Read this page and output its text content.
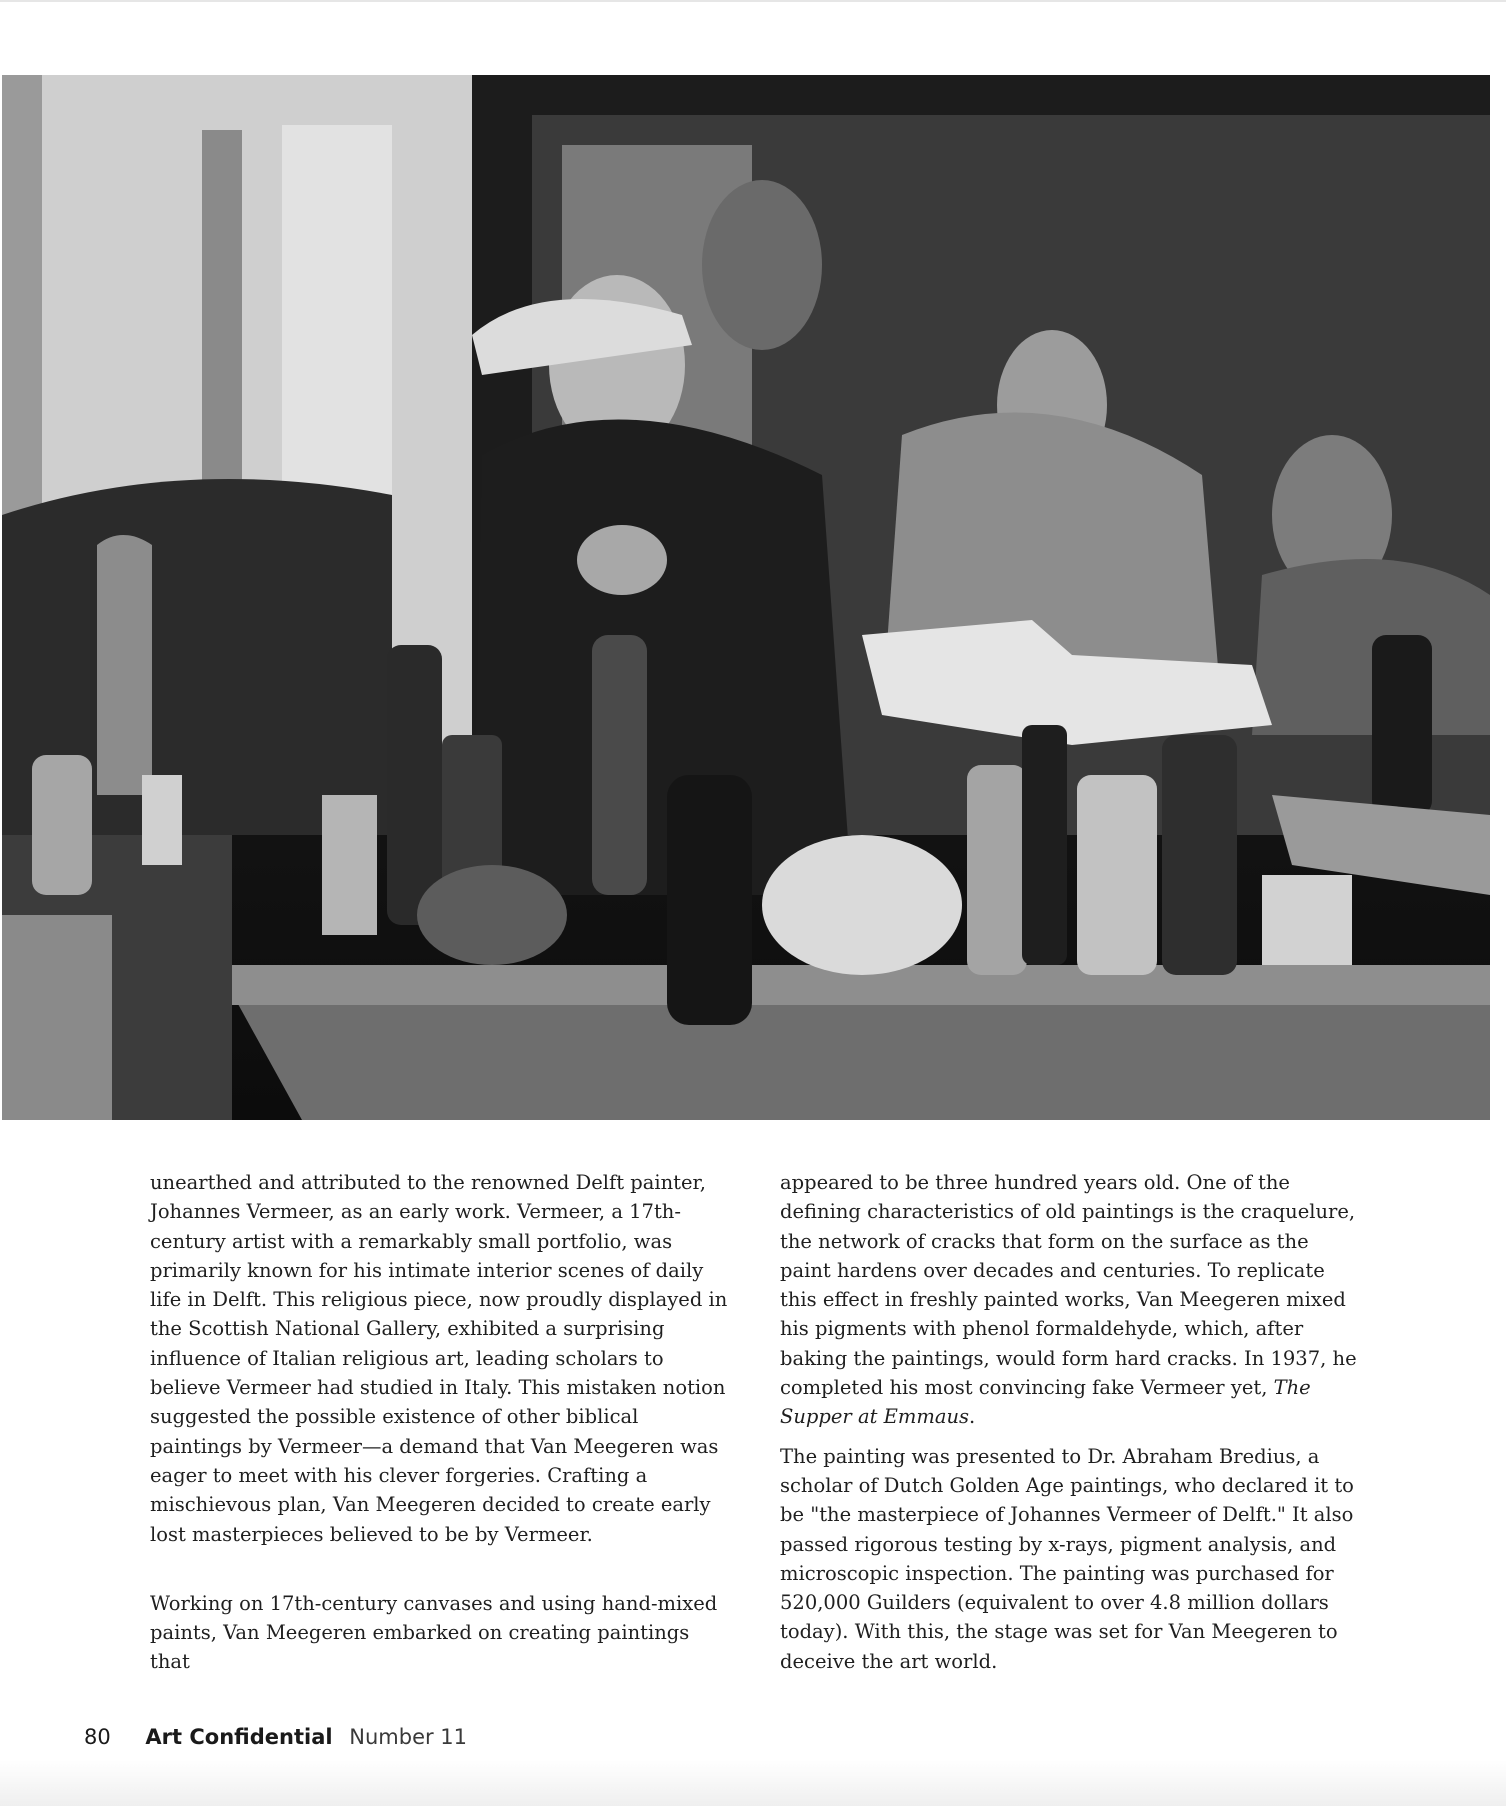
unearthed and attributed to the renowned Delft painter, Johannes Vermeer, as an early work. Vermeer, a 17th-century artist with a remarkably small portfolio, was primarily known for his intimate interior scenes of daily life in Delft. This religious piece, now proudly displayed in the Scottish National Gallery, exhibited a surprising influence of Italian religious art, leading scholars to believe Vermeer had studied in Italy. This mistaken notion suggested the possible existence of other biblical paintings by Vermeer—a demand that Van Meegeren was eager to meet with his clever forgeries. Crafting a mischievous plan, Van Meegeren decided to create early lost masterpieces believed to be by Vermeer.

Working on 17th-century canvases and using hand-mixed paints, Van Meegeren embarked on creating paintings that

appeared to be three hundred years old. One of the defining characteristics of old paintings is the craquelure, the network of cracks that form on the surface as the paint hardens over decades and centuries. To replicate this effect in freshly painted works, Van Meegeren mixed his pigments with phenol formaldehyde, which, after baking the paintings, would form hard cracks. In 1937, he completed his most convincing fake Vermeer yet, The Supper at Emmaus.

The painting was presented to Dr. Abraham Bredius, a scholar of Dutch Golden Age paintings, who declared it to be "the masterpiece of Johannes Vermeer of Delft." It also passed rigorous testing by x-rays, pigment analysis, and microscopic inspection. The painting was purchased for 520,000 Guilders (equivalent to over 4.8 million dollars today). With this, the stage was set for Van Meegeren to deceive the art world.

80 Art Confidential Number 11
